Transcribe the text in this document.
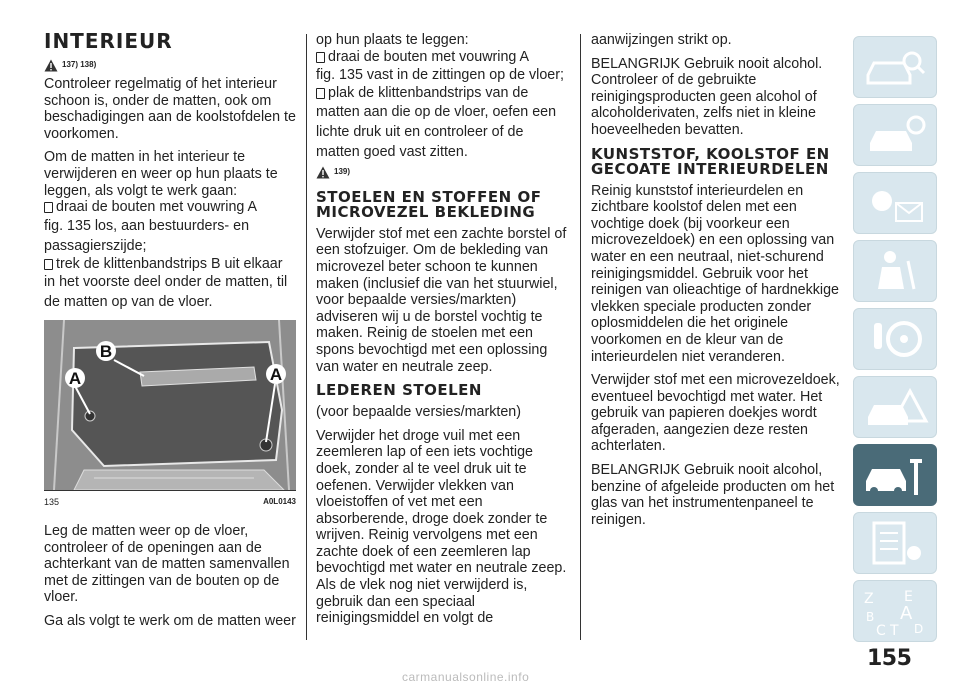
INTERIEUR
137) 138)

Controleer regelmatig of het interieur schoon is, onder de matten, ook om beschadigingen aan de koolstofdelen te voorkomen.

Om de matten in het interieur te verwijderen en weer op hun plaats te leggen, als volgt te werk gaan:

draai de bouten met vouwring A

fig. 135 los, aan bestuurders- en passagierszijde;

trek de klittenbandstrips B uit elkaar

in het voorste deel onder de matten, til de matten op van de vloer.

A	A
B
135	A0L0143

Leg de matten weer op de vloer, controleer of de openingen aan de achterkant van de matten samenvallen met de zittingen van de bouten op de vloer.

Ga als volgt te werk om de matten weer

op hun plaats te leggen:

draai de bouten met vouwring A

fig. 135 vast in de zittingen op de vloer;

plak de klittenbandstrips van de

matten aan die op de vloer, oefen een lichte druk uit en controleer of de matten goed vast zitten.

139)
STOELEN EN STOFFEN OF MICROVEZEL BEKLEDING

Verwijder stof met een zachte borstel of een stofzuiger. Om de bekleding van microvezel beter schoon te kunnen maken (inclusief die van het stuurwiel, voor bepaalde versies/markten) adviseren wij u de borstel vochtig te maken. Reinig de stoelen met een spons bevochtigd met een oplossing van water en neutrale zeep.

LEDEREN STOELEN

(voor bepaalde versies/markten)

Verwijder het droge vuil met een zeemleren lap of een iets vochtige doek, zonder al te veel druk uit te oefenen. Verwijder vlekken van vloeistoffen of vet met een absorberende, droge doek zonder te wrijven. Reinig vervolgens met een zachte doek of een zeemleren lap bevochtigd met water en neutrale zeep. Als de vlek nog niet verwijderd is, gebruik dan een speciaal reinigingsmiddel en volgt de

aanwijzingen strikt op.

BELANGRIJK Gebruik nooit alcohol. Controleer of de gebruikte reinigingsproducten geen alcohol of alcoholderivaten, zelfs niet in kleine hoeveelheden bevatten.

KUNSTSTOF, KOOLSTOF EN GECOATE INTERIEURDELEN

Reinig kunststof interieurdelen en zichtbare koolstof delen met een vochtige doek (bij voorkeur een microvezeldoek) en een oplossing van water en een neutraal, niet-schurend reinigingsmiddel. Gebruik voor het reinigen van olieachtige of hardnekkige vlekken speciale producten zonder oplosmiddelen die het originele voorkomen en de kleur van de interieurdelen niet veranderen.

Verwijder stof met een microvezeldoek, eventueel bevochtigd met water. Het gebruik van papieren doekjes wordt afgeraden, aangezien deze resten achterlaten.

BELANGRIJK Gebruik nooit alcohol, benzine of afgeleide producten om het glas van het instrumentenpaneel te reinigen.

Z E
A
B
C T D
155
carmanualsonline.info
